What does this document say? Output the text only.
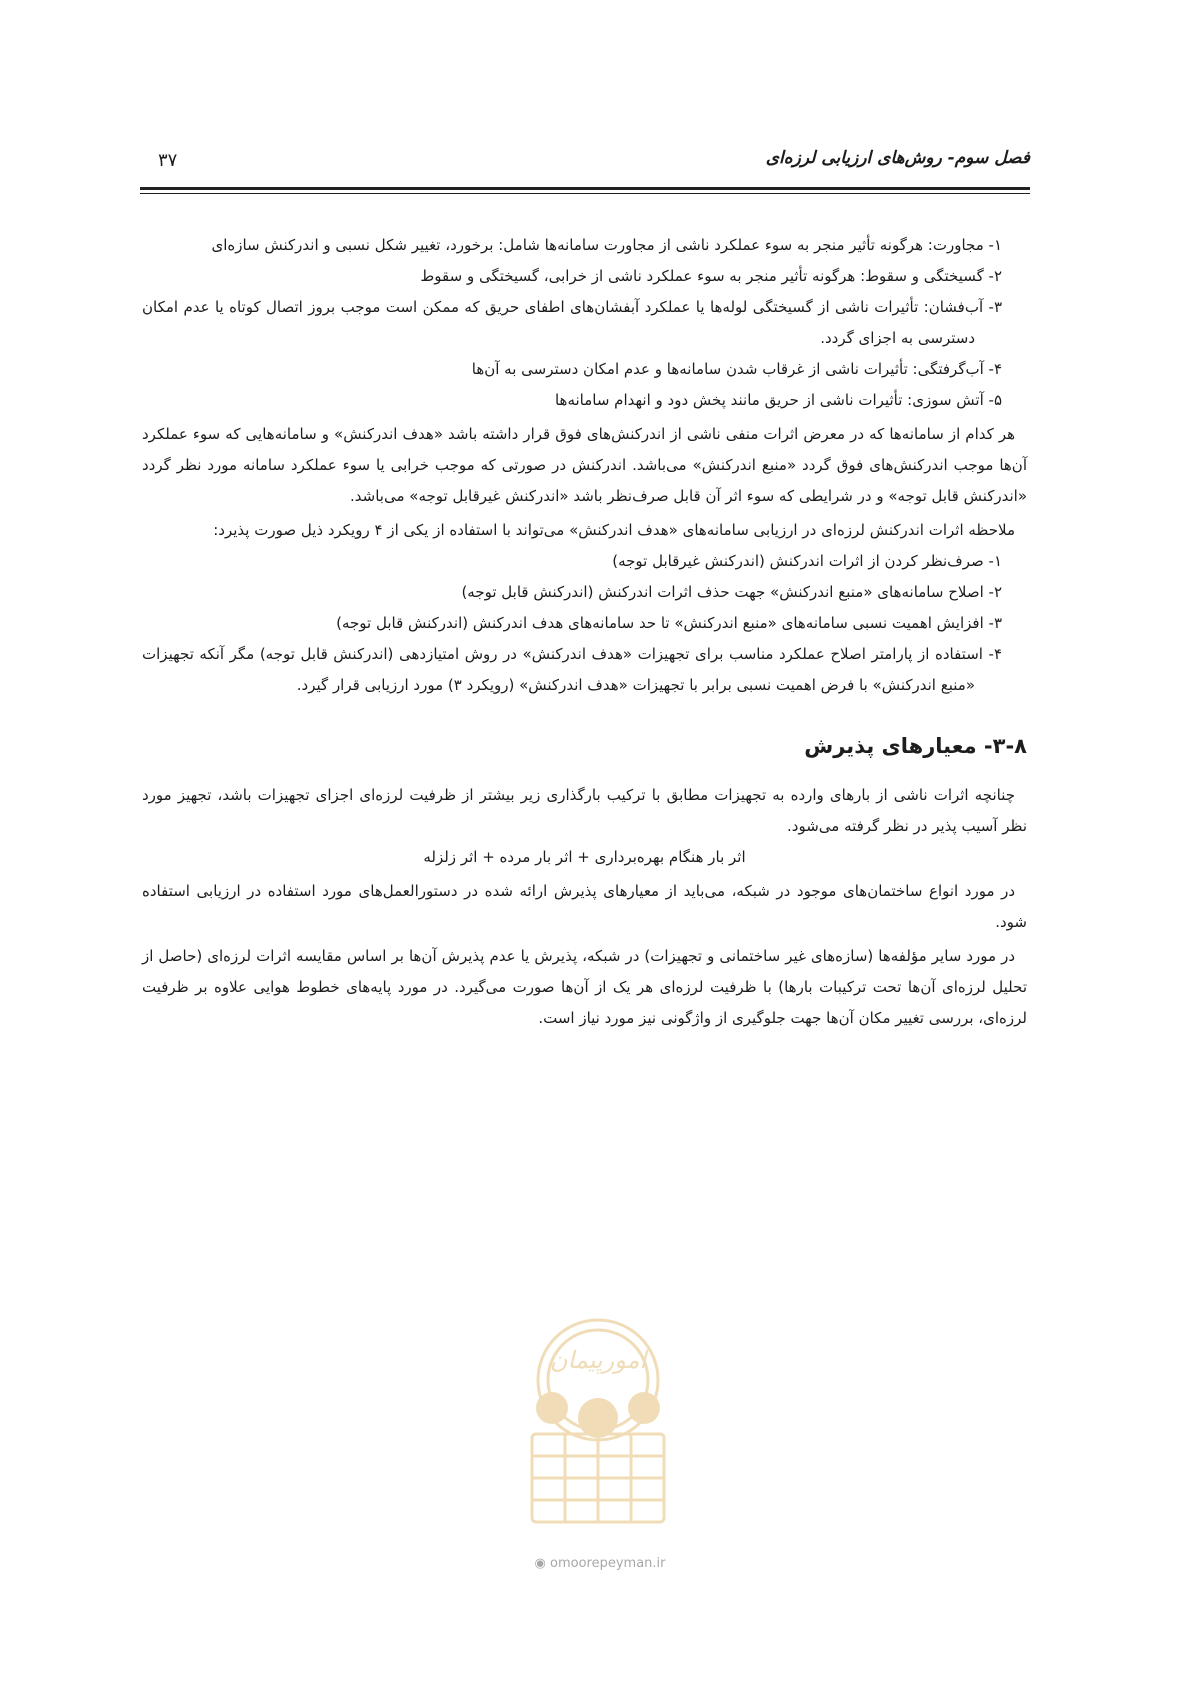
فصل سوم- روش‌های ارزیابی لرزه‌ای
۳۷

۱- مجاورت: هرگونه تأثیر منجر به سوء عملکرد ناشی از مجاورت سامانه‌ها شامل: برخورد، تغییر شکل نسبی و اندرکنش سازه‌ای

۲- گسیختگی و سقوط: هرگونه تأثیر منجر به سوء عملکرد ناشی از خرابی، گسیختگی و سقوط

۳- آب‌فشان: تأثیرات ناشی از گسیختگی لوله‌ها یا عملکرد آبفشان‌های اطفای حریق که ممکن است موجب بروز اتصال کوتاه یا عدم امکان دسترسی به اجزای گردد.

۴- آب‌گرفتگی: تأثیرات ناشی از غرقاب شدن سامانه‌ها و عدم امکان دسترسی به آن‌ها

۵- آتش سوزی: تأثیرات ناشی از حریق مانند پخش دود و انهدام سامانه‌ها

هر کدام از سامانه‌ها که در معرض اثرات منفی ناشی از اندرکنش‌های فوق قرار داشته باشد «هدف اندرکنش» و سامانه‌هایی که سوء عملکرد آن‌ها موجب اندرکنش‌های فوق گردد «منبع اندرکنش» می‌باشد. اندرکنش در صورتی که موجب خرابی یا سوء عملکرد سامانه مورد نظر گردد «اندرکنش قابل توجه» و در شرایطی که سوء اثر آن قابل صرف‌نظر باشد «اندرکنش غیرقابل توجه» می‌باشد.

ملاحظه اثرات اندرکنش لرزه‌ای در ارزیابی سامانه‌های «هدف اندرکنش» می‌تواند با استفاده از یکی از ۴ رویکرد ذیل صورت پذیرد:

۱- صرف‌نظر کردن از اثرات اندرکنش (اندرکنش غیرقابل توجه)

۲- اصلاح سامانه‌های «منبع اندرکنش» جهت حذف اثرات اندرکنش (اندرکنش قابل توجه)

۳- افزایش اهمیت نسبی سامانه‌های «منبع اندرکنش» تا حد سامانه‌های هدف اندرکنش (اندرکنش قابل توجه)

۴- استفاده از پارامتر اصلاح عملکرد مناسب برای تجهیزات «هدف اندرکنش» در روش امتیازدهی (اندرکنش قابل توجه) مگر آنکه تجهیزات «منبع اندرکنش» با فرض اهمیت نسبی برابر با تجهیزات «هدف اندرکنش» (رویکرد ۳) مورد ارزیابی قرار گیرد.

۳-۸- معیارهای پذیرش

چنانچه اثرات ناشی از بارهای وارده به تجهیزات مطابق با ترکیب بارگذاری زیر بیشتر از ظرفیت لرزه‌ای اجزای تجهیزات باشد، تجهیز مورد نظر آسیب پذیر در نظر گرفته می‌شود.

اثر بار هنگام بهره‌برداری + اثر بار مرده + اثر زلزله

در مورد انواع ساختمان‌های موجود در شبکه، می‌باید از معیارهای پذیرش ارائه شده در دستورالعمل‌های مورد استفاده در ارزیابی استفاده شود.

در مورد سایر مؤلفه‌ها (سازه‌های غیر ساختمانی و تجهیزات) در شبکه، پذیرش یا عدم پذیرش آن‌ها بر اساس مقایسه اثرات لرزه‌ای (حاصل از تحلیل لرزه‌ای آن‌ها تحت ترکیبات بارها) با ظرفیت لرزه‌ای هر یک از آن‌ها صورت می‌گیرد. در مورد پایه‌های خطوط هوایی علاوه بر ظرفیت لرزه‌ای، بررسی تغییر مکان آن‌ها جهت جلوگیری از واژگونی نیز مورد نیاز است.

امورپیمان
◉ omoorepeyman.ir
